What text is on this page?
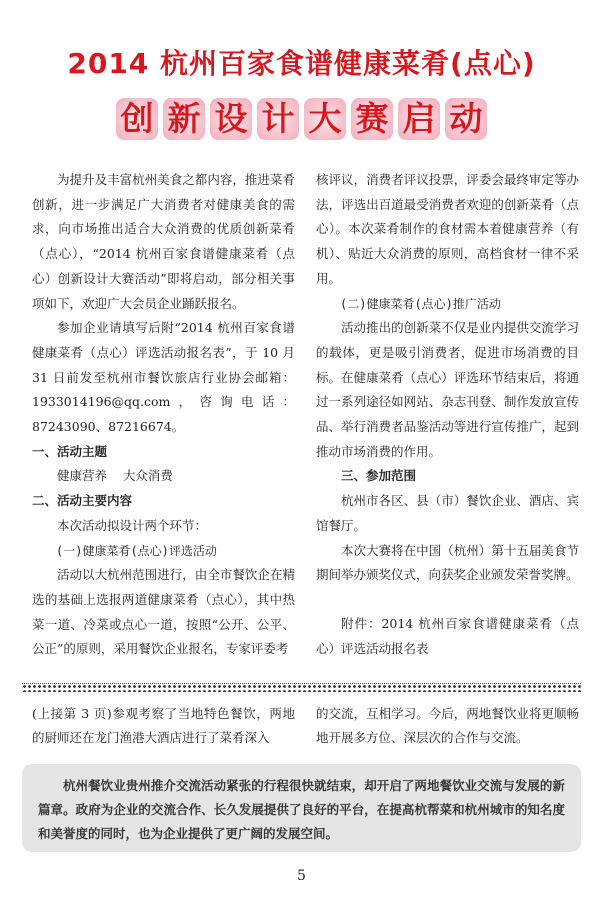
2014 杭州百家食谱健康菜肴(点心)
创 新 设 计 大 赛 启 动

为提升及丰富杭州美食之都内容，推进菜肴创新，进一步满足广大消费者对健康美食的需求，向市场推出适合大众消费的优质创新菜肴（点心），“2014 杭州百家食谱健康菜肴（点心）创新设计大赛活动”即将启动，部分相关事项如下，欢迎广大会员企业踊跃报名。

参加企业请填写后附“2014 杭州百家食谱健康菜肴（点心）评选活动报名表”，于 10 月 31 日前发至杭州市餐饮旅店行业协会邮箱：1933014196@qq.com，咨询电话：87243090、87216674。

一、活动主题

健康营养    大众消费

二、活动主要内容

本次活动拟设计两个环节：

(一)健康菜肴(点心)评选活动

活动以大杭州范围进行，由全市餐饮企在精选的基础上选报两道健康菜肴（点心），其中热菜一道、冷菜或点心一道，按照“公开、公平、公正”的原则，采用餐饮企业报名，专家评委考

核评议，消费者评议投票，评委会最终审定等办法，评选出百道最受消费者欢迎的创新菜肴（点心）。本次菜肴制作的食材需本着健康营养（有机）、贴近大众消费的原则，高档食材一律不采用。

(二)健康菜肴(点心)推广活动

活动推出的创新菜不仅是业内提供交流学习的载体，更是吸引消费者，促进市场消费的目标。在健康菜肴（点心）评选环节结束后，将通过一系列途径如网站、杂志刊登、制作发放宣传品、举行消费者品鉴活动等进行宣传推广，起到推动市场消费的作用。

三、参加范围

杭州市各区、县（市）餐饮企业、酒店、宾馆餐厅。

本次大赛将在中国（杭州）第十五届美食节期间举办颁奖仪式，向获奖企业颁发荣誉奖牌。

附件：2014 杭州百家食谱健康菜肴（点心）评选活动报名表

(上接第 3 页)参观考察了当地特色餐饮，两地的厨师还在龙门渔港大酒店进行了菜肴深入

的交流，互相学习。今后，两地餐饮业将更顺畅地开展多方位、深层次的合作与交流。

杭州餐饮业贵州推介交流活动紧张的行程很快就结束，却开启了两地餐饮业交流与发展的新篇章。政府为企业的交流合作、长久发展提供了良好的平台，在提高杭帮菜和杭州城市的知名度和美誉度的同时，也为企业提供了更广阔的发展空间。

5
